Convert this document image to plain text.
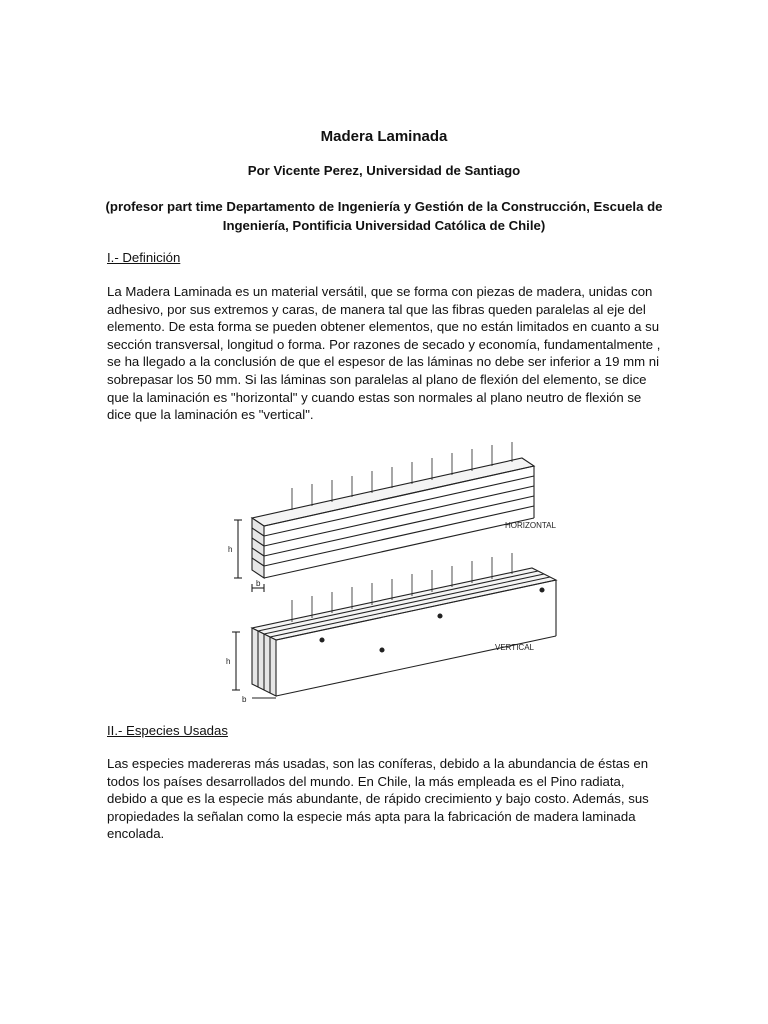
Madera Laminada
Por Vicente Perez, Universidad de Santiago
(profesor part time Departamento de Ingeniería y Gestión de la Construcción, Escuela de Ingeniería, Pontificia Universidad Católica de Chile)
I.- Definición
La Madera Laminada es un material versátil, que se forma con piezas de madera, unidas con adhesivo, por sus extremos y caras, de manera tal que las fibras queden paralelas al eje del elemento. De esta forma se pueden obtener elementos, que no están limitados en cuanto a su sección transversal, longitud o forma. Por razones de secado y economía, fundamentalmente , se ha llegado a la conclusión de que el espesor de las láminas no debe ser inferior a 19 mm ni sobrepasar los 50 mm. Si las láminas son paralelas al plano de flexión del elemento, se dice que la laminación es "horizontal" y cuando estas son normales al plano neutro de flexión se dice que la laminación es "vertical".
HORIZONTAL
VERTICAL
h
b
h
b
II.- Especies Usadas
Las especies madereras más usadas, son las coníferas, debido a la abundancia de éstas en todos los países desarrollados del mundo. En Chile, la más empleada es el Pino radiata, debido a que es la especie más abundante, de rápido crecimiento y bajo costo. Además, sus propiedades la señalan como la especie más apta para la fabricación de madera laminada encolada.
